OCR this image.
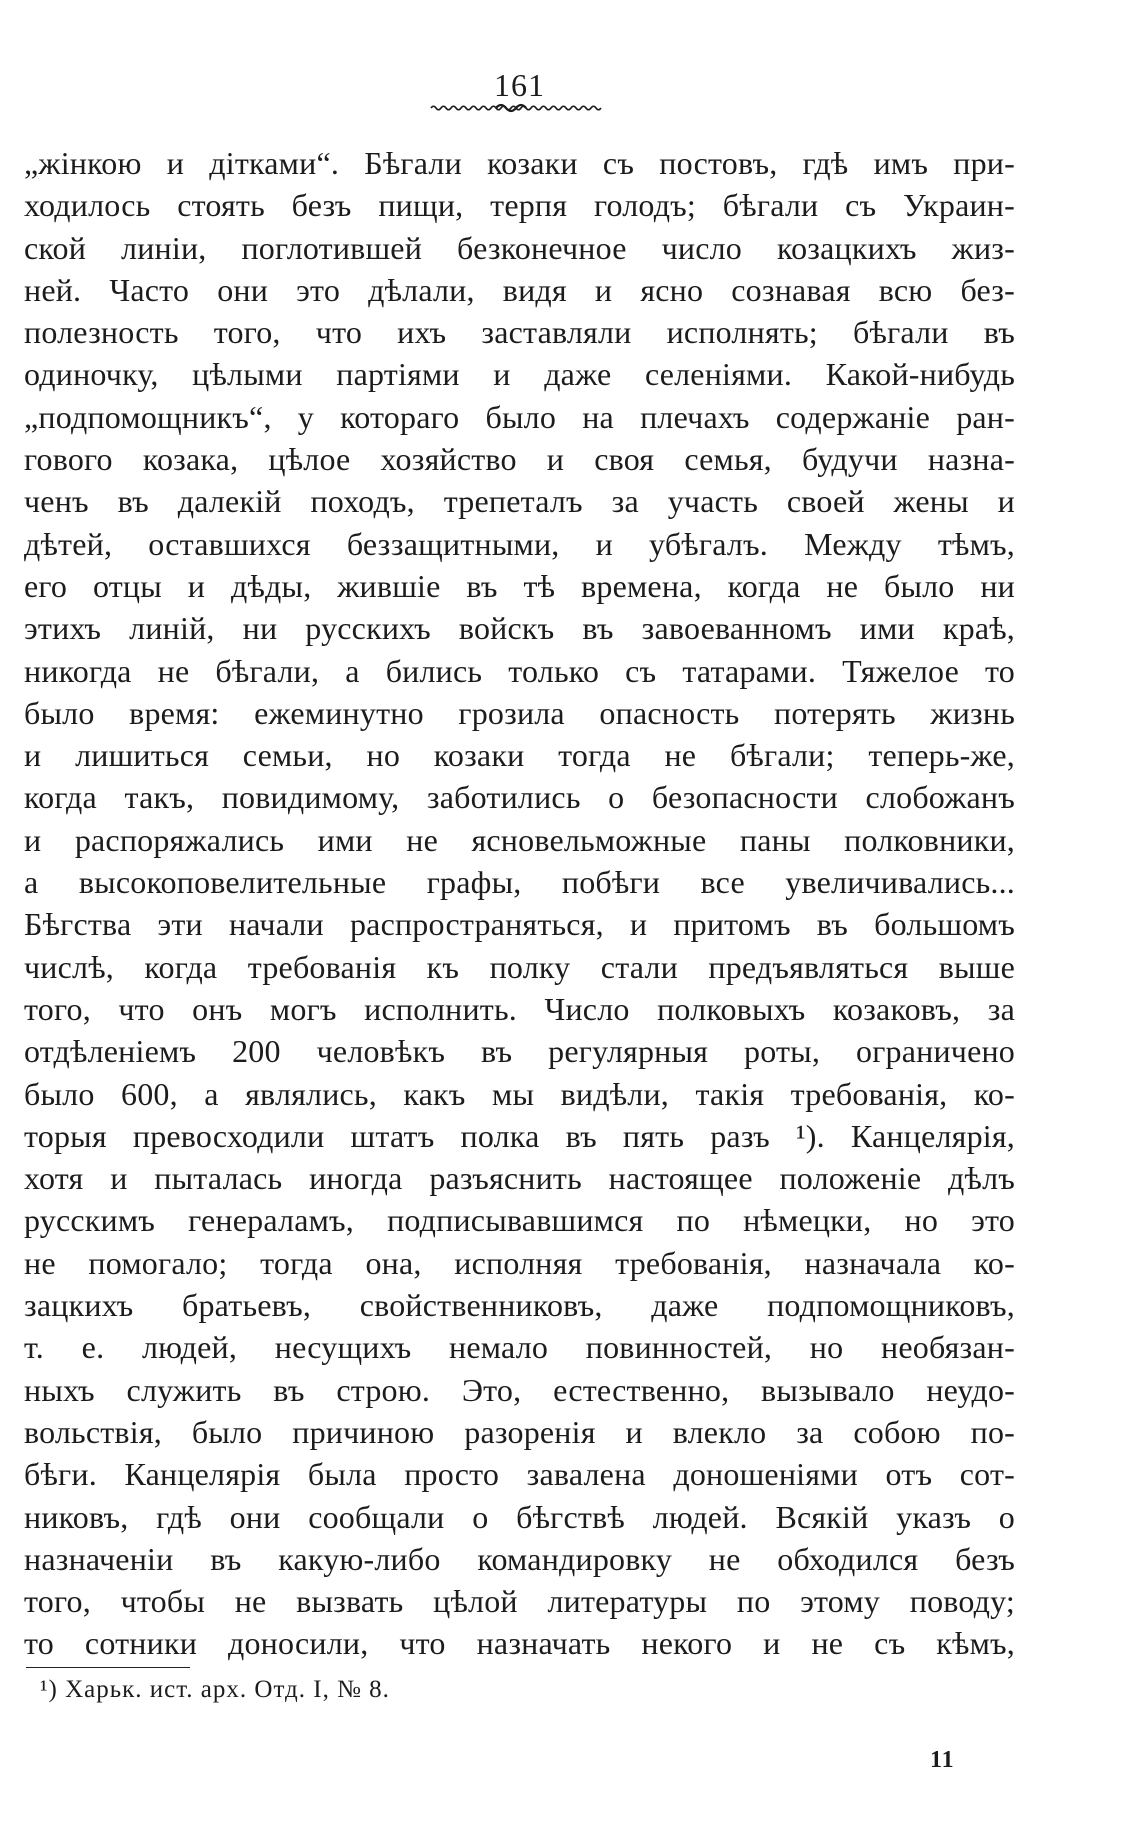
161
„жінкою и дітками“. Бѣгали козаки съ постовъ, гдѣ имъ при-
ходилось стоять безъ пищи, терпя голодъ; бѣгали съ Украин-
ской линіи, поглотившей безконечное число козацкихъ жиз-
ней. Часто они это дѣлали, видя и ясно сознавая всю без-
полезность того, что ихъ заставляли исполнять; бѣгали въ
одиночку, цѣлыми партіями и даже селеніями. Какой-нибудь
„подпомощникъ“, у котораго было на плечахъ содержаніе ран-
гового козака, цѣлое хозяйство и своя семья, будучи назна-
ченъ въ далекій походъ, трепеталъ за участь своей жены и
дѣтей, оставшихся беззащитными, и убѣгалъ. Между тѣмъ,
его отцы и дѣды, жившіе въ тѣ времена, когда не было ни
этихъ линій, ни русскихъ войскъ въ завоеванномъ ими краѣ,
никогда не бѣгали, а бились только съ татарами. Тяжелое то
было время: ежеминутно грозила опасность потерять жизнь
и лишиться семьи, но козаки тогда не бѣгали; теперь-же,
когда такъ, повидимому, заботились о безопасности слобожанъ
и распоряжались ими не ясновельможные паны полковники,
а высокоповелительные графы, побѣги все увеличивались...
Бѣгства эти начали распространяться, и притомъ въ большомъ
числѣ, когда требованія къ полку стали предъявляться выше
того, что онъ могъ исполнить. Число полковыхъ козаковъ, за
отдѣленіемъ 200 человѣкъ въ регулярныя роты, ограничено
было 600, а являлись, какъ мы видѣли, такія требованія, ко-
торыя превосходили штатъ полка въ пять разъ ¹). Канцелярія,
хотя и пыталась иногда разъяснить настоящее положеніе дѣлъ
русскимъ генераламъ, подписывавшимся по нѣмецки, но это
не помогало; тогда она, исполняя требованія, назначала ко-
зацкихъ братьевъ, свойственниковъ, даже подпомощниковъ,
т. е. людей, несущихъ немало повинностей, но необязан-
ныхъ служить въ строю. Это, естественно, вызывало неудо-
вольствія, было причиною разоренія и влекло за собою по-
бѣги. Канцелярія была просто завалена доношеніями отъ сот-
никовъ, гдѣ они сообщали о бѣгствѣ людей. Всякій указъ о
назначеніи въ какую-либо командировку не обходился безъ
того, чтобы не вызвать цѣлой литературы по этому поводу;
то сотники доносили, что назначать некого и не съ кѣмъ,
¹) Харьк. ист. арх. Отд. I, № 8.
11
